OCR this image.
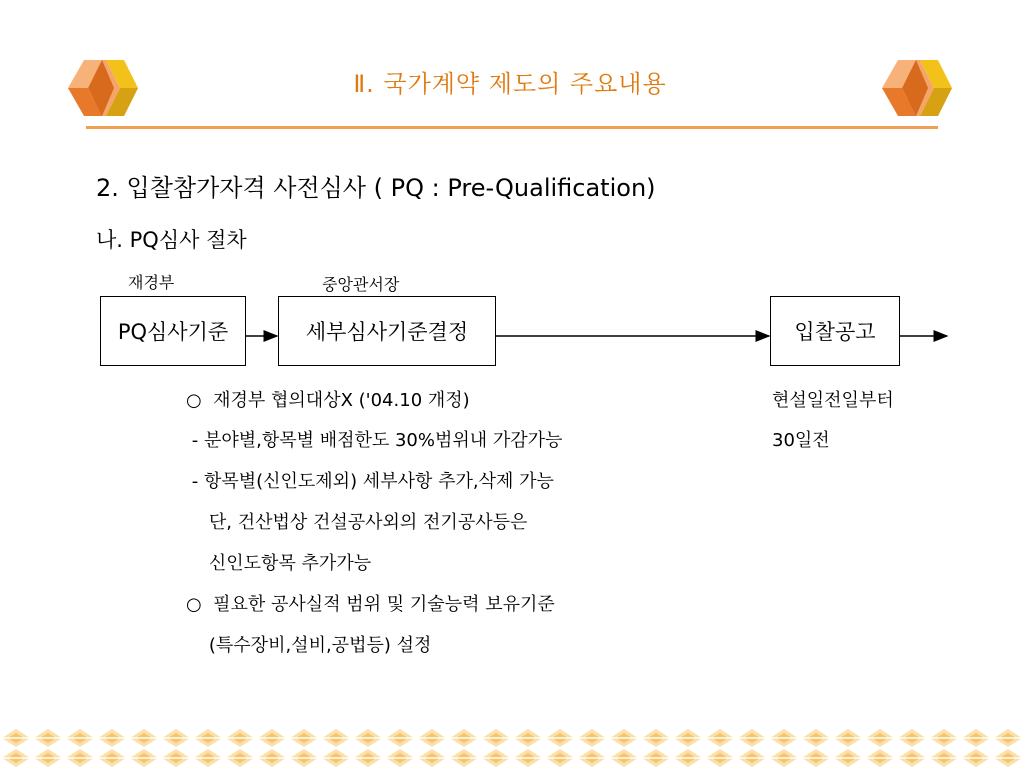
Ⅱ. 국가계약 제도의 주요내용
2. 입찰참가자격 사전심사 ( PQ : Pre-Qualification)
나. PQ심사 절차
재경부	중앙관서장
PQ심사기준	세부심사기준결정	입찰공고
○  재경부 협의대상X ('04.10 개정)
- 분야별,항목별 배점한도 30%범위내 가감가능
- 항목별(신인도제외) 세부사항 추가,삭제 가능
단, 건산법상 건설공사외의 전기공사등은
신인도항목 추가가능
○  필요한 공사실적 범위 및 기술능력 보유기준
(특수장비,설비,공법등) 설정
현설일전일부터
30일전
